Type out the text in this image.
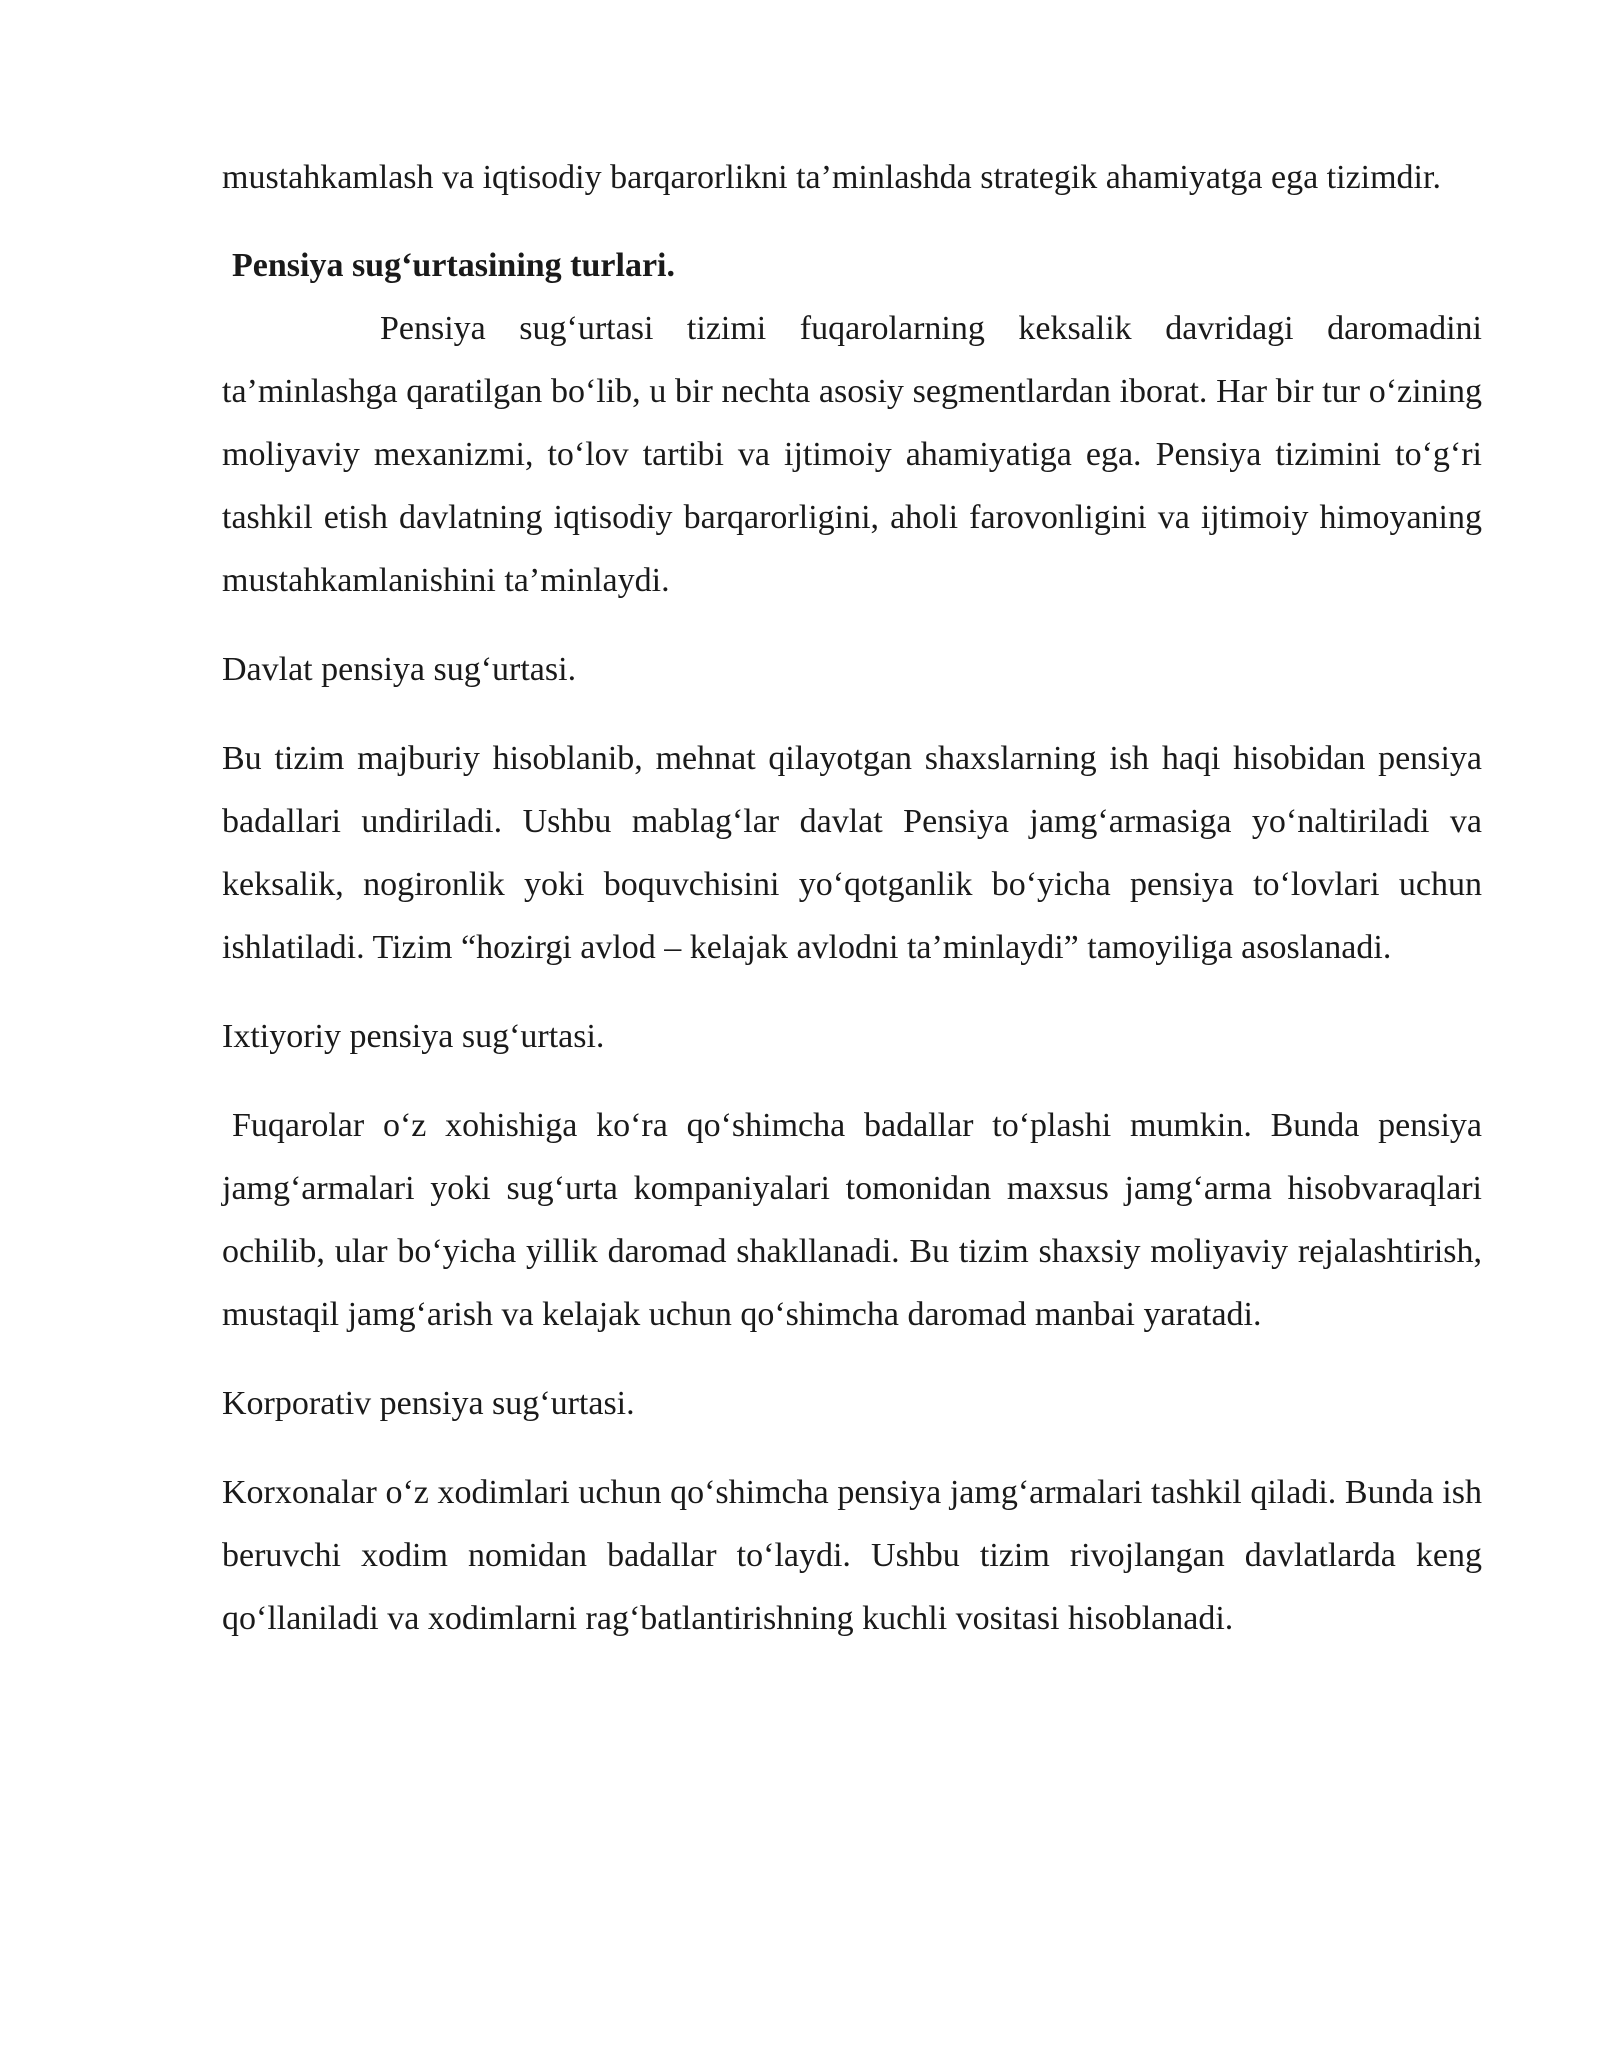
mustahkamlash va iqtisodiy barqarorlikni ta’minlashda strategik ahamiyatga ega tizimdir.

Pensiya sug‘urtasining turlari.

Pensiya sug‘urtasi tizimi fuqarolarning keksalik davridagi daromadini ta’minlashga qaratilgan bo‘lib, u bir nechta asosiy segmentlardan iborat. Har bir tur o‘zining moliyaviy mexanizmi, to‘lov tartibi va ijtimoiy ahamiyatiga ega. Pensiya tizimini to‘g‘ri tashkil etish davlatning iqtisodiy barqarorligini, aholi farovonligini va ijtimoiy himoyaning mustahkamlanishini ta’minlaydi.

Davlat pensiya sug‘urtasi.

Bu tizim majburiy hisoblanib, mehnat qilayotgan shaxslarning ish haqi hisobidan pensiya badallari undiriladi. Ushbu mablag‘lar davlat Pensiya jamg‘armasiga yo‘naltiriladi va keksalik, nogironlik yoki boquvchisini yo‘qotganlik bo‘yicha pensiya to‘lovlari uchun ishlatiladi. Tizim “hozirgi avlod – kelajak avlodni ta’minlaydi” tamoyiliga asoslanadi.

Ixtiyoriy pensiya sug‘urtasi.

Fuqarolar o‘z xohishiga ko‘ra qo‘shimcha badallar to‘plashi mumkin. Bunda pensiya jamg‘armalari yoki sug‘urta kompaniyalari tomonidan maxsus jamg‘arma hisobvaraqlari ochilib, ular bo‘yicha yillik daromad shakllanadi. Bu tizim shaxsiy moliyaviy rejalashtirish, mustaqil jamg‘arish va kelajak uchun qo‘shimcha daromad manbai yaratadi.

Korporativ pensiya sug‘urtasi.

Korxonalar o‘z xodimlari uchun qo‘shimcha pensiya jamg‘armalari tashkil qiladi. Bunda ish beruvchi xodim nomidan badallar to‘laydi. Ushbu tizim rivojlangan davlatlarda keng qo‘llaniladi va xodimlarni rag‘batlantirishning kuchli vositasi hisoblanadi.
